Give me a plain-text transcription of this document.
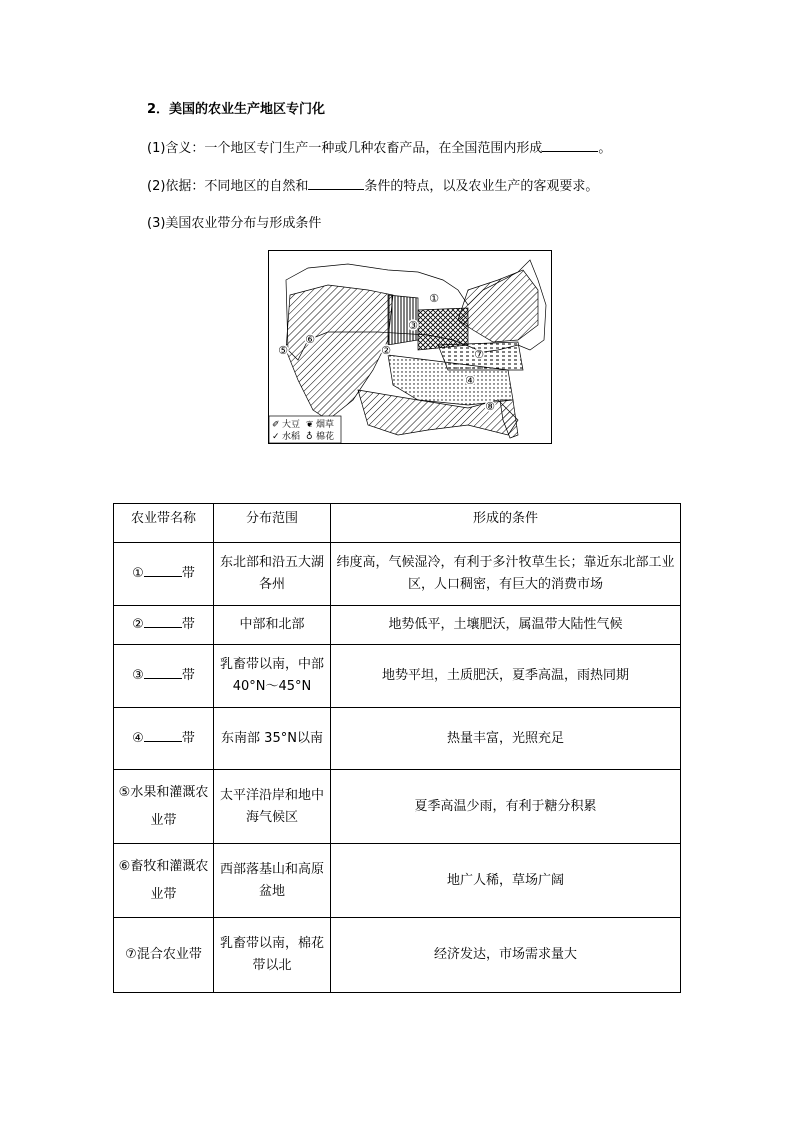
2．美国的农业生产地区专门化
(1)含义：一个地区专门生产一种或几种农畜产品，在全国范围内形成	。
(2)依据：不同地区的自然和	条件的特点，以及农业生产的客观要求。
(3)美国农业带分布与形成条件
①
②
③
④
⑤
⑥
⑦
⑧
✐ 大豆 ❦ 烟草
✓ 水稻 ♁ 棉花
农业带名称	分布范围	形成的条件
① 带	东北部和沿五大湖各州	纬度高，气候湿冷，有利于多汁牧草生长；靠近东北部工业区，人口稠密，有巨大的消费市场
② 带	中部和北部	地势低平，土壤肥沃，属温带大陆性气候
③ 带	乳畜带以南，中部 40°N～45°N	地势平坦，土质肥沃，夏季高温，雨热同期
④ 带	东南部 35°N以南	热量丰富，光照充足
⑤水果和灌溉农业带	太平洋沿岸和地中海气候区	夏季高温少雨，有利于糖分积累
⑥畜牧和灌溉农业带	西部落基山和高原盆地	地广人稀，草场广阔
⑦混合农业带	乳畜带以南，棉花带以北	经济发达，市场需求量大
